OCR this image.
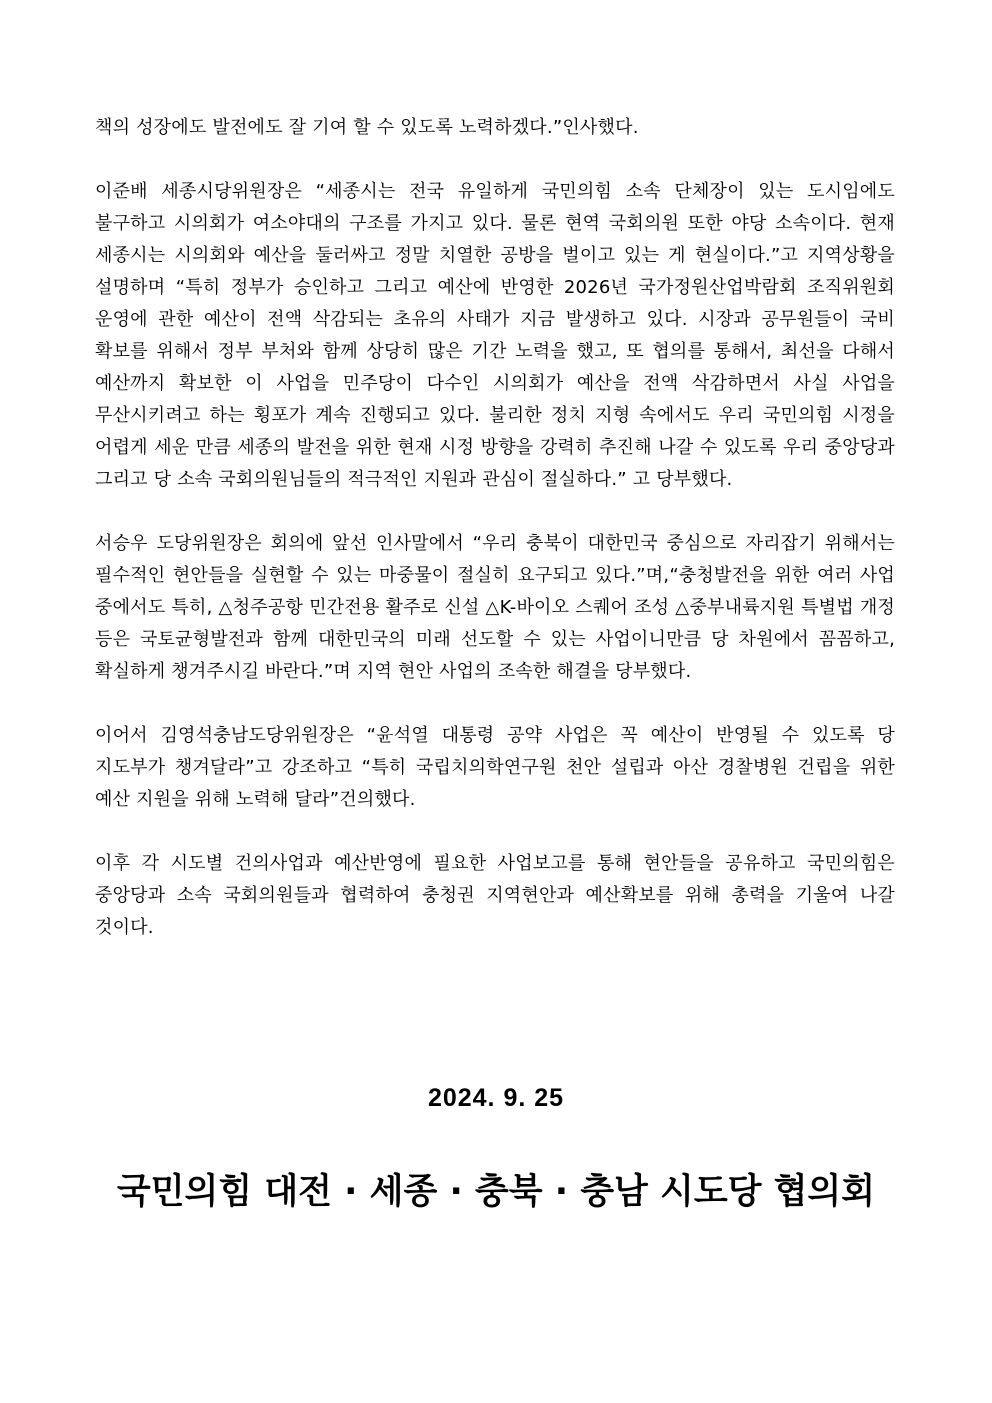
책의 성장에도 발전에도 잘 기여 할 수 있도록 노력하겠다.”인사했다.

이준배 세종시당위원장은 “세종시는 전국 유일하게 국민의힘 소속 단체장이 있는 도시임에도 불구하고 시의회가 여소야대의 구조를 가지고 있다. 물론 현역 국회의원 또한 야당 소속이다. 현재 세종시는 시의회와 예산을 둘러싸고 정말 치열한 공방을 벌이고 있는 게 현실이다.”고 지역상황을 설명하며 “특히 정부가 승인하고 그리고 예산에 반영한 2026년 국가정원산업박람회 조직위원회 운영에 관한 예산이 전액 삭감되는 초유의 사태가 지금 발생하고 있다. 시장과 공무원들이 국비 확보를 위해서 정부 부처와 함께 상당히 많은 기간 노력을 했고, 또 협의를 통해서, 최선을 다해서 예산까지 확보한 이 사업을 민주당이 다수인 시의회가 예산을 전액 삭감하면서 사실 사업을 무산시키려고 하는 횡포가 계속 진행되고 있다. 불리한 정치 지형 속에서도 우리 국민의힘 시정을 어렵게 세운 만큼 세종의 발전을 위한 현재 시정 방향을 강력히 추진해 나갈 수 있도록 우리 중앙당과 그리고 당 소속 국회의원님들의 적극적인 지원과 관심이 절실하다.” 고 당부했다.

서승우 도당위원장은 회의에 앞선 인사말에서 “우리 충북이 대한민국 중심으로 자리잡기 위해서는 필수적인 현안들을 실현할 수 있는 마중물이 절실히 요구되고 있다.”며,“충청발전을 위한 여러 사업 중에서도 특히, △청주공항 민간전용 활주로 신설 △K-바이오 스퀘어 조성 △중부내륙지원 특별법 개정 등은 국토균형발전과 함께 대한민국의 미래 선도할 수 있는 사업이니만큼 당 차원에서 꼼꼼하고, 확실하게 챙겨주시길 바란다.”며 지역 현안 사업의 조속한 해결을 당부했다.

이어서 김영석충남도당위원장은 “윤석열 대통령 공약 사업은 꼭 예산이 반영될 수 있도록 당 지도부가 챙겨달라”고 강조하고 “특히 국립치의학연구원 천안 설립과 아산 경찰병원 건립을 위한 예산 지원을 위해 노력해 달라”건의했다.

이후 각 시도별 건의사업과 예산반영에 필요한 사업보고를 통해 현안들을 공유하고 국민의힘은 중앙당과 소속 국회의원들과 협력하여 충청권 지역현안과 예산확보를 위해 총력을 기울여 나갈 것이다.

2024. 9. 25
국민의힘 대전 · 세종 · 충북 · 충남 시도당 협의회
